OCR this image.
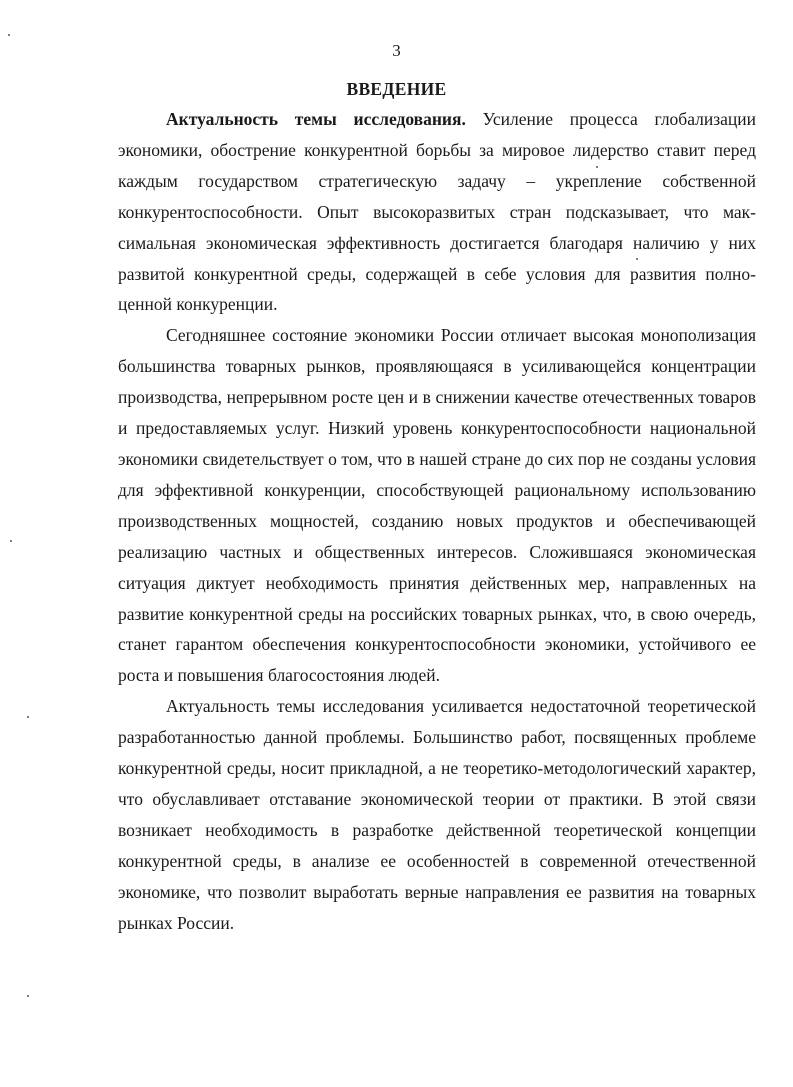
3
ВВЕДЕНИЕ

Актуальность темы исследования. Усиление процесса глобализации экономики, обострение конкурентной борьбы за мировое лидерство ставит перед каждым государством стратегическую задачу – укрепление собственной конкурентоспособности. Опыт высокоразвитых стран подсказывает, что максимальная экономическая эффективность достигается благодаря наличию у них развитой конкурентной среды, содержащей в себе условия для развития полноценной конкуренции.

Сегодняшнее состояние экономики России отличает высокая монополизация большинства товарных рынков, проявляющаяся в усиливающейся концентрации производства, непрерывном росте цен и в снижении качестве отечественных товаров и предоставляемых услуг. Низкий уровень конкурентоспособности национальной экономики свидетельствует о том, что в нашей стране до сих пор не созданы условия для эффективной конкуренции, способствующей рациональному использованию производственных мощностей, созданию новых продуктов и обеспечивающей реализацию частных и общественных интересов. Сложившаяся экономическая ситуация диктует необходимость принятия действенных мер, направленных на развитие конкурентной среды на российских товарных рынках, что, в свою очередь, станет гарантом обеспечения конкурентоспособности экономики, устойчивого ее роста и повышения благосостояния людей.

Актуальность темы исследования усиливается недостаточной теоретической разработанностью данной проблемы. Большинство работ, посвященных проблеме конкурентной среды, носит прикладной, а не теоретико-методологический характер, что обуславливает отставание экономической теории от практики. В этой связи возникает необходимость в разработке действенной теоретической концепции конкурентной среды, в анализе ее особенностей в современной отечественной экономике, что позволит выработать верные направления ее развития на товарных рынках России.
